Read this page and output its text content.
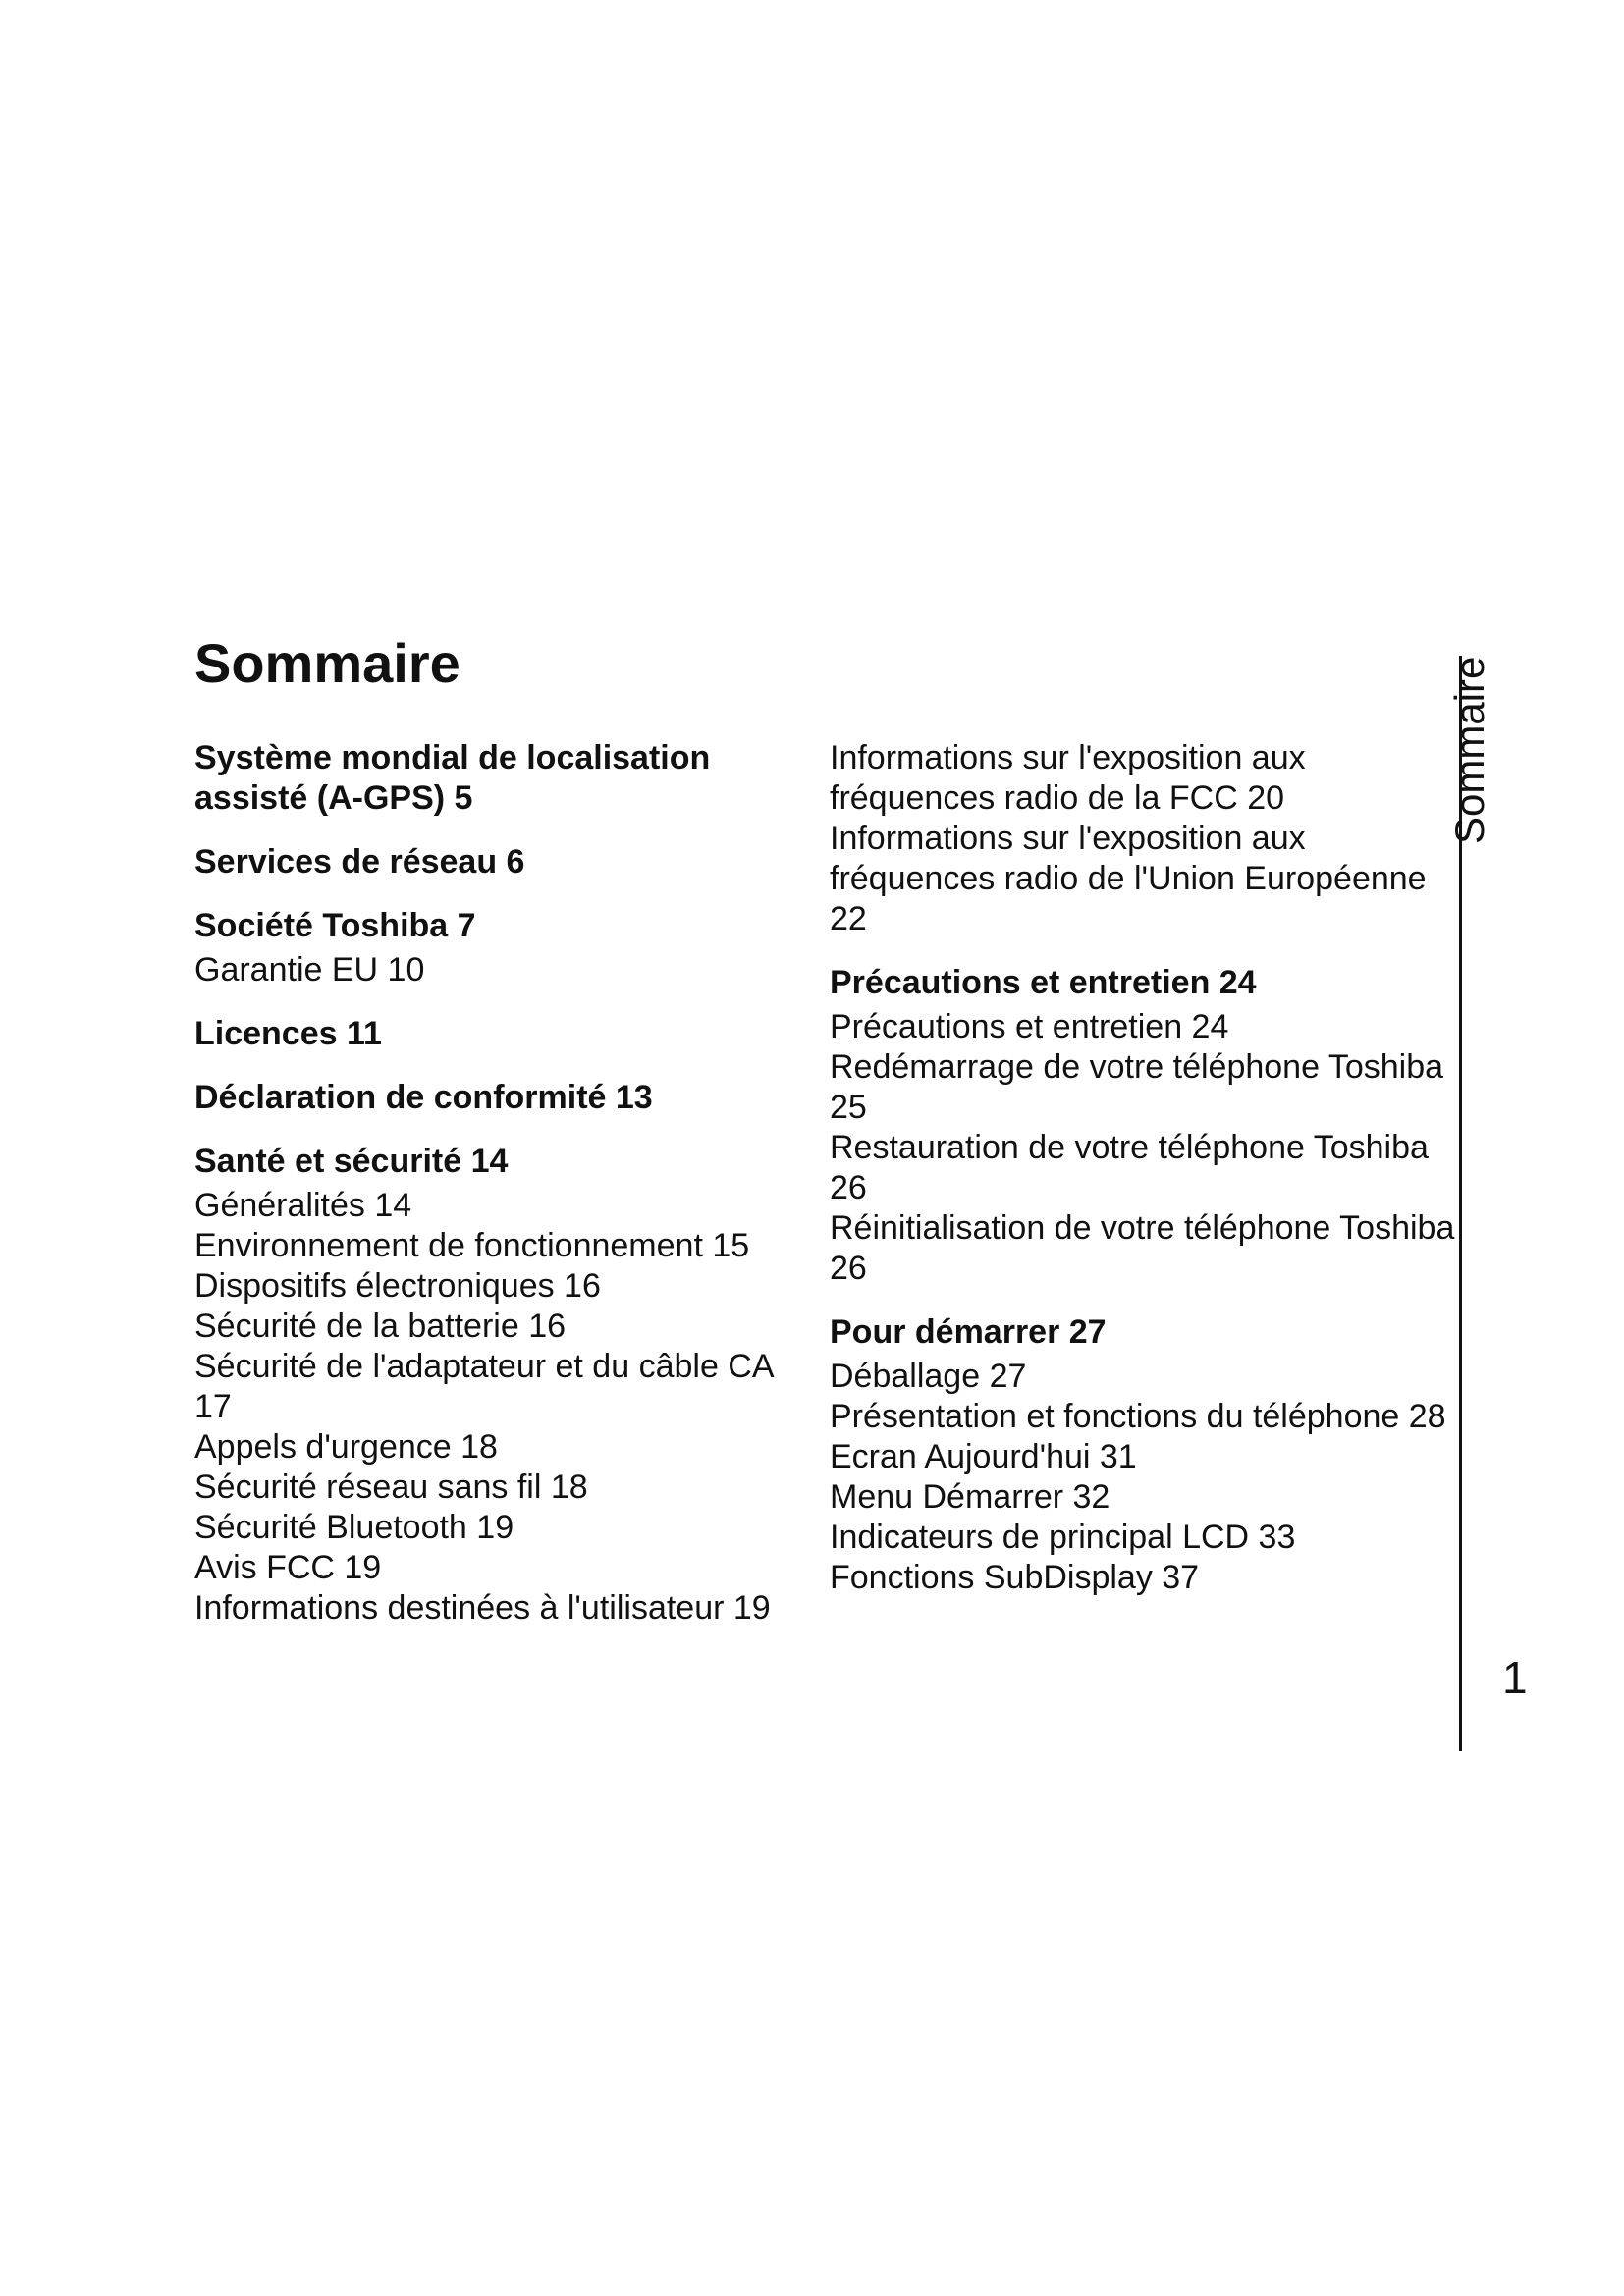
Sommaire
Système mondial de localisation assisté (A-GPS) 5
Services de réseau 6
Société Toshiba 7
Garantie EU 10
Licences 11
Déclaration de conformité 13
Santé et sécurité 14
Généralités 14
Environnement de fonctionnement 15
Dispositifs électroniques 16
Sécurité de la batterie 16
Sécurité de l'adaptateur et du câble CA 17
Appels d'urgence 18
Sécurité réseau sans fil 18
Sécurité Bluetooth 19
Avis FCC 19
Informations destinées à l'utilisateur 19
Informations sur l'exposition aux fréquences radio de la FCC 20
Informations sur l'exposition aux fréquences radio de l'Union Européenne 22
Précautions et entretien 24
Précautions et entretien 24
Redémarrage de votre téléphone Toshiba 25
Restauration de votre téléphone Toshiba 26
Réinitialisation de votre téléphone Toshiba 26
Pour démarrer 27
Déballage 27
Présentation et fonctions du téléphone 28
Ecran Aujourd'hui 31
Menu Démarrer 32
Indicateurs de principal LCD 33
Fonctions SubDisplay 37
Sommaire
1
